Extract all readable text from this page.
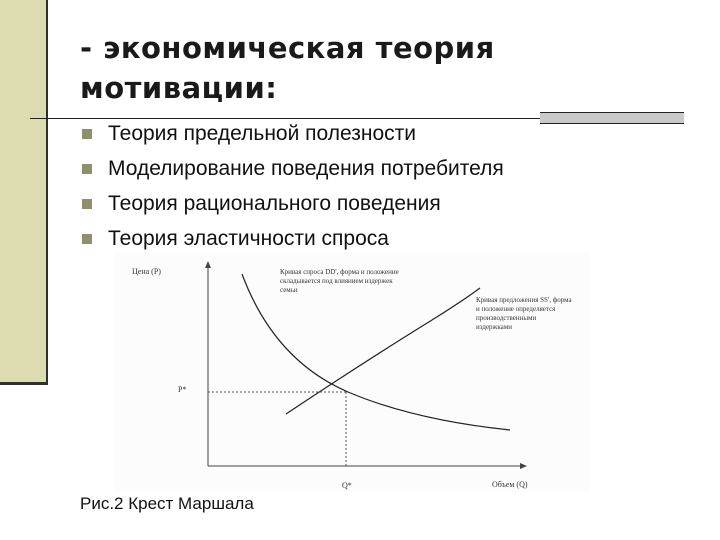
- экономическая теория мотивации:
Теория предельной полезности
Моделирование поведения потребителя
Теория рационального поведения
Теория эластичности спроса
Цена (Р)
Объем (Q)
P*
Q*

Кривая спроса DD', форма и положение складывается под влиянием издержек семьи

Кривая предложения SS', форма и положение определяется производственными издержками

Рис.2 Крест Маршала
